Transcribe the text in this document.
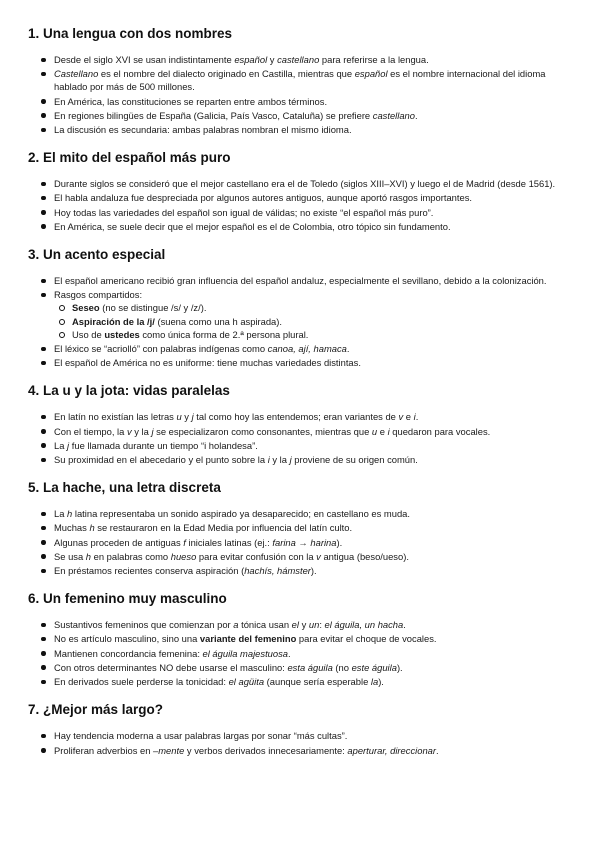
1. Una lengua con dos nombres
Desde el siglo XVI se usan indistintamente español y castellano para referirse a la lengua.
Castellano es el nombre del dialecto originado en Castilla, mientras que español es el nombre internacional del idioma hablado por más de 500 millones.
En América, las constituciones se reparten entre ambos términos.
En regiones bilingües de España (Galicia, País Vasco, Cataluña) se prefiere castellano.
La discusión es secundaria: ambas palabras nombran el mismo idioma.
2. El mito del español más puro
Durante siglos se consideró que el mejor castellano era el de Toledo (siglos XIII–XVI) y luego el de Madrid (desde 1561).
El habla andaluza fue despreciada por algunos autores antiguos, aunque aportó rasgos importantes.
Hoy todas las variedades del español son igual de válidas; no existe “el español más puro”.
En América, se suele decir que el mejor español es el de Colombia, otro tópico sin fundamento.
3. Un acento especial
El español americano recibió gran influencia del español andaluz, especialmente el sevillano, debido a la colonización.
Rasgos compartidos:
Seseo (no se distingue /s/ y /z/).
Aspiración de la /j/ (suena como una h aspirada).
Uso de ustedes como única forma de 2.ª persona plural.
El léxico se “acriolló” con palabras indígenas como canoa, ají, hamaca.
El español de América no es uniforme: tiene muchas variedades distintas.
4. La u y la jota: vidas paralelas
En latín no existían las letras u y j tal como hoy las entendemos; eran variantes de v e i.
Con el tiempo, la v y la j se especializaron como consonantes, mientras que u e i quedaron para vocales.
La j fue llamada durante un tiempo “i holandesa”.
Su proximidad en el abecedario y el punto sobre la i y la j proviene de su origen común.
5. La hache, una letra discreta
La h latina representaba un sonido aspirado ya desaparecido; en castellano es muda.
Muchas h se restauraron en la Edad Media por influencia del latín culto.
Algunas proceden de antiguas f iniciales latinas (ej.: farina → harina).
Se usa h en palabras como hueso para evitar confusión con la v antigua (beso/ueso).
En préstamos recientes conserva aspiración (hachís, hámster).
6. Un femenino muy masculino
Sustantivos femeninos que comienzan por a tónica usan el y un: el águila, un hacha.
No es artículo masculino, sino una variante del femenino para evitar el choque de vocales.
Mantienen concordancia femenina: el águila majestuosa.
Con otros determinantes NO debe usarse el masculino: esta águila (no este águila).
En derivados suele perderse la tonicidad: el agüita (aunque sería esperable la).
7. ¿Mejor más largo?
Hay tendencia moderna a usar palabras largas por sonar “más cultas”.
Proliferan adverbios en –mente y verbos derivados innecesariamente: aperturar, direccionar.
